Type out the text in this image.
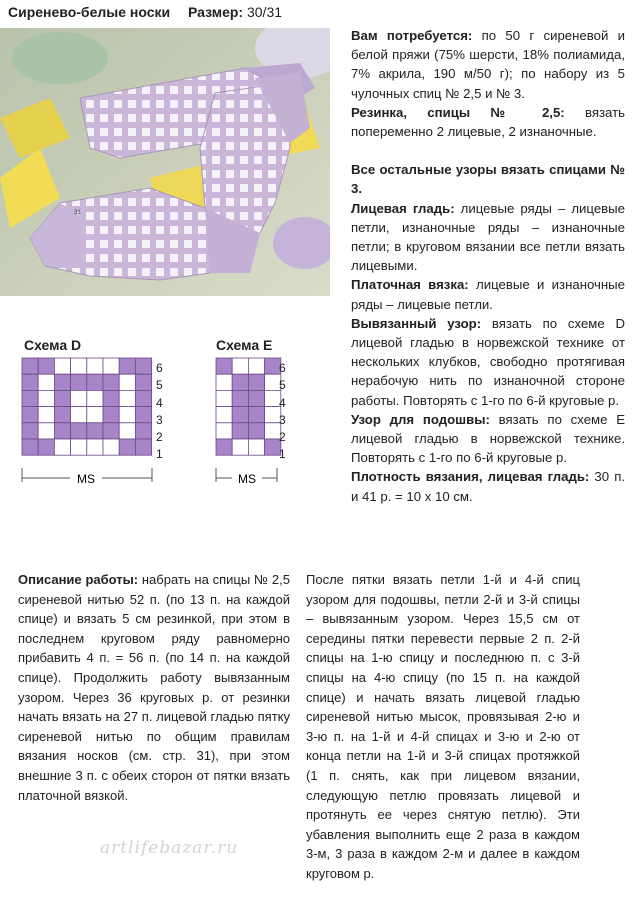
Сиренево-белые носки Размер: 30/31
31

Вам потребуется: по 50 г сиреневой и белой пряжи (75% шерсти, 18% полиамида, 7% акрила, 190 м/50 г); по набору из 5 чулочных спиц № 2,5 и № 3.

Резинка, спицы № 2,5: вязать попеременно 2 лицевые, 2 изнаночные.

Все остальные узоры вязать спицами № 3.

Лицевая гладь: лицевые ряды – лицевые петли, изнаночные ряды – изнаночные петли; в круговом вязании все петли вязать лицевыми.

Платочная вязка: лицевые и изнаночные ряды – лицевые петли.

Вывязанный узор: вязать по схеме D лицевой гладью в норвежской технике от нескольких клубков, свободно протягивая нерабочую нить по изнаночной стороне работы. Повторять с 1-го по 6-й круговые р.

Узор для подошвы: вязать по схеме E лицевой гладью в норвежской технике. Повторять с 1-го по 6-й круговые р.

Плотность вязания, лицевая гладь: 30 п. и 41 р. = 10 х 10 см.

Схема D
MS
6
5
4
3
2
1
Схема E
MS
6
5
4
3
2
1
Описание работы: набрать на спицы № 2,5 сиреневой нитью 52 п. (по 13 п. на каждой спице) и вязать 5 см резинкой, при этом в последнем круговом ряду равномерно прибавить 4 п. = 56 п. (по 14 п. на каждой спице). Продолжить работу вывязанным узором. Через 36 круговых р. от резинки начать вязать на 27 п. лицевой гладью пятку сиреневой нитью по общим правилам вязания носков (см. стр. 31), при этом внешние 3 п. с обеих сторон от пятки вязать платочной вязкой.
После пятки вязать петли 1-й и 4-й спиц узором для подошвы, петли 2-й и 3-й спицы – вывязанным узором. Через 15,5 см от середины пятки перевести первые 2 п. 2-й спицы на 1-ю спицу и последнюю п. с 3-й спицы на 4-ю спицу (по 15 п. на каждой спице) и начать вязать лицевой гладью сиреневой нитью мысок, провязывая 2-ю и 3-ю п. на 1-й и 4-й спицах и 3-ю и 2-ю от конца петли на 1-й и 3-й спицах протяжкой (1 п. снять, как при лицевом вязании, следующую петлю провязать лицевой и протянуть ее через снятую петлю). Эти убавления выполнить еще 2 раза в каждом 3-м, 3 раза в каждом 2-м и далее в каждом круговом р.
artlifebazar.ru
